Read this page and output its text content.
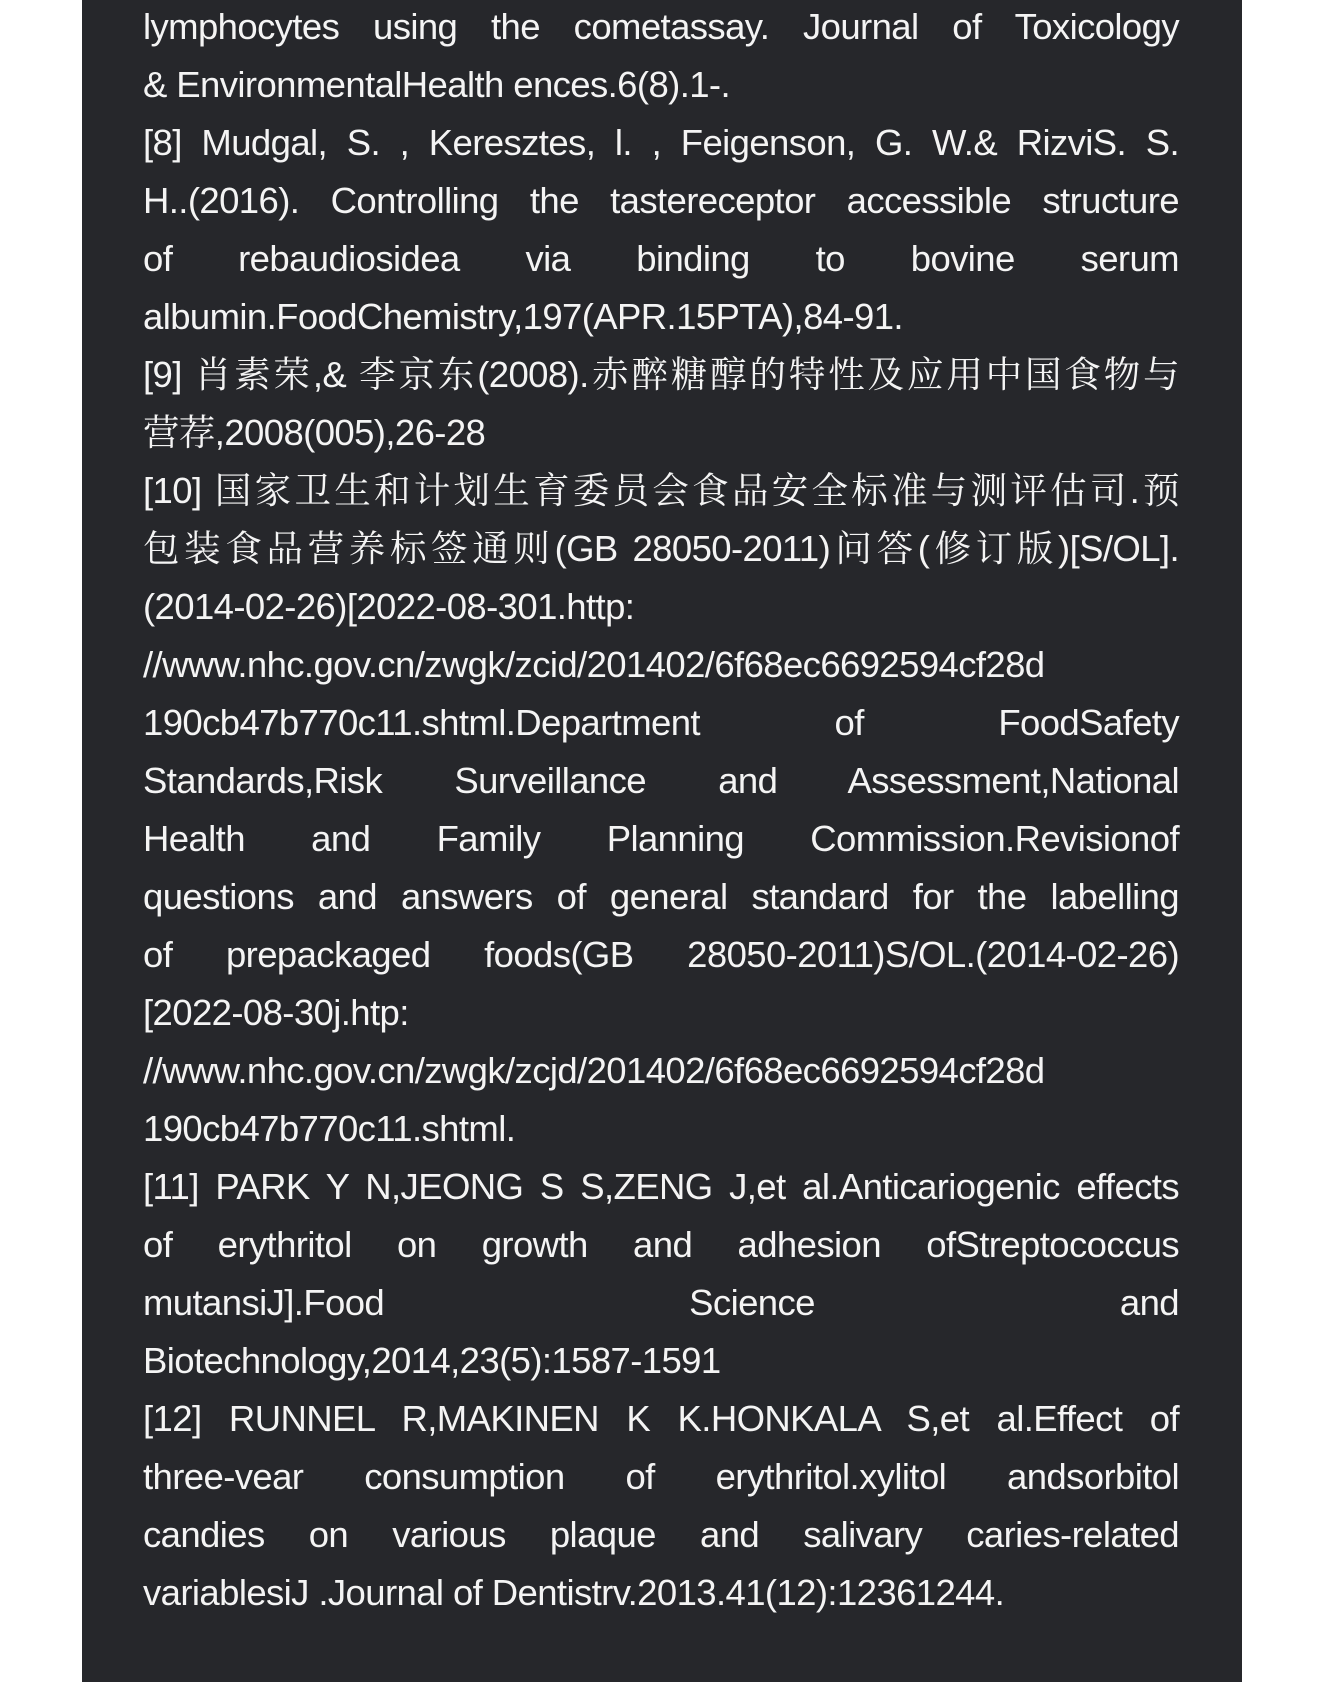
lymphocytes using the cometassay. Journal of Toxicology
& EnvironmentalHealth ences.6(8).1-.
[8] Mudgal, S. , Keresztes, l. , Feigenson, G. W.& RizviS. S.
H..(2016). Controlling the tastereceptor accessible structure
of rebaudiosidea via binding to bovine serum
albumin.FoodChemistry,197(APR.15PTA),84-91.
[9] 肖素荣,& 李京东(2008).赤醉糖醇的特性及应用中国食物与
营荐,2008(005),26-28
[10] 国家卫生和计划生育委员会食品安全标准与测评估司.预
包装食品营养标签通则(GB 28050-2011)问答(修订版)[S/OL].
(2014-02-26)[2022-08-301.http:
//www.nhc.gov.cn/zwgk/zcid/201402/6f68ec6692594cf28d
190cb47b770c11.shtml.Department of FoodSafety
Standards,Risk Surveillance and Assessment,National
Health and Family Planning Commission.Revisionof
questions and answers of general standard for the labelling
of prepackaged foods(GB 28050-2011)S/OL.(2014-02-26)
[2022-08-30j.htp:
//www.nhc.gov.cn/zwgk/zcjd/201402/6f68ec6692594cf28d
190cb47b770c11.shtml.
[11] PARK Y N,JEONG S S,ZENG J,et al.Anticariogenic effects
of erythritol on growth and adhesion ofStreptococcus
mutansiJ].Food Science and
Biotechnology,2014,23(5):1587-1591
[12] RUNNEL R,MAKINEN K K.HONKALA S,et al.Effect of
three-vear consumption of erythritol.xylitol andsorbitol
candies on various plaque and salivary caries-related
variablesiJ .Journal of Dentistrv.2013.41(12):12361244.
